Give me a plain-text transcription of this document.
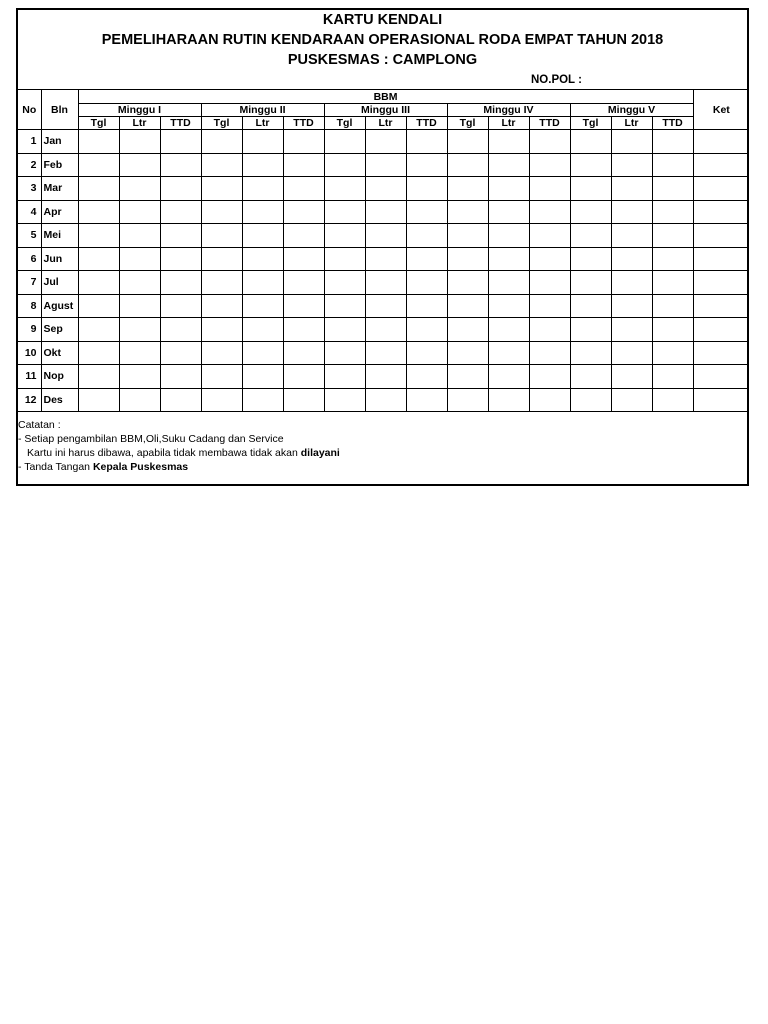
KARTU KENDALI
PEMELIHARAAN RUTIN KENDARAAN OPERASIONAL RODA EMPAT TAHUN 2018
PUSKESMAS : CAMPLONG
NO.POL :
No	Bln	BBM															Ket
		Minggu I			Minggu II			Minggu III			Minggu IV			Minggu V			
		Tgl	Ltr	TTD	Tgl	Ltr	TTD	Tgl	Ltr	TTD	Tgl	Ltr	TTD	Tgl	Ltr	TTD	
1	Jan																
2	Feb																
3	Mar																
4	Apr																
5	Mei																
6	Jun																
7	Jul																
8	Agust																
9	Sep																
10	Okt																
11	Nop																
12	Des																
Catatan :
- Setiap pengambilan BBM,Oli,Suku Cadang dan Service
Kartu ini harus dibawa, apabila tidak membawa tidak akan dilayani
- Tanda Tangan Kepala Puskesmas
